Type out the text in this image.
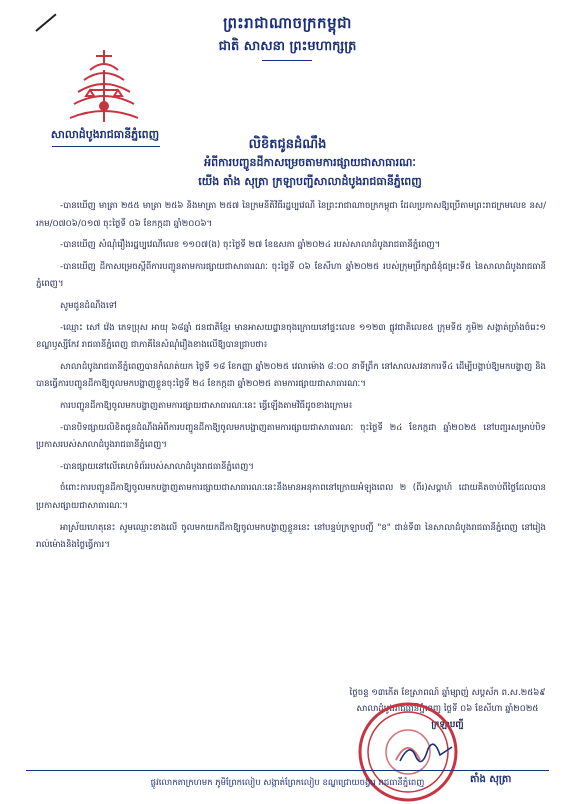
ព្រះរាជាណាចក្រកម្ពុជា
ជាតិ សាសនា ព្រះមហាក្សត្រ
សាលាដំបូងរាជធានីភ្នំពេញ
លិខិតជូនដំណឹង
អំពីការបញ្ចូនដីកាសម្រេចតាមការផ្សាយជាសាធារណៈ
យើង តាំង សុត្រា ក្រឡាបញ្ជីសាលាដំបូងរាជធានីភ្នំពេញ

-បានឃើញ មាត្រា ២៥៥ មាត្រា ២៥៦ និងមាត្រា ២៥៧ នៃក្រមនីតិវិធីរដ្ឋប្បវេណី នៃព្រះរាជាណាចក្រកម្ពុជា ដែលប្រកាសឱ្យប្រើតាមព្រះរាជក្រមលេខ នស/រកម/០៧០៦/០១៧ ចុះថ្ងៃទី ០៦ ខែកក្កដា ឆ្នាំ២០០៦។

-បានឃើញ សំណុំរឿងរដ្ឋប្បវេណីលេខ ១១០៧(ង) ចុះថ្ងៃទី ២៧ ខែឧសភា ឆ្នាំ២០២៤ របស់សាលាដំបូងរាជធានីភ្នំពេញ។

-បានឃើញ ដីកាសម្រេចស្តីពីការបញ្ជូនតាមការផ្សាយជាសាធារណៈ ចុះថ្ងៃទី ០៦ ខែសីហា ឆ្នាំ២០២៥ របស់ក្រុមប្រឹក្សាជំនុំជម្រះទី៥ នៃសាលាដំបូងរាជធានីភ្នំពេញ។

សូមជូនដំណឹងទៅ

-ឈ្មោះ សៅ វ៉េង ភេទប្រុស អាយុ ៦៨ឆ្នាំ ជនជាតិខ្មែរ មានអាសយដ្ឋានចុងក្រោយនៅផ្ទះលេខ ១១២៣ ផ្លូវជាតិលេខ៥ ក្រុមទី៥ ភូមិ២ សង្កាត់ច្រាំងចំរេះ១ ខណ្ឌឫស្សីកែវ រាជធានីភ្នំពេញ ជាភាគីនៃសំណុំរឿងខាងលើឱ្យបានជ្រាបថា៖

សាលាដំបូងរាជធានីភ្នំពេញបានកំណត់យក ថ្ងៃទី ១៨ ខែកញ្ញា ឆ្នាំ២០២៥ វេលាម៉ោង ៨:០០ នាទីព្រឹក នៅសាលសវនាការទី៤ ដើម្បីបង្គាប់ឱ្យមកបង្ហាញ និងបានធ្វើការបញ្ជូនដីកាឱ្យចូលមកបង្ហាញខ្លួនចុះថ្ងៃទី ២៤ ខែកក្កដា ឆ្នាំ២០២៥ តាមការផ្សាយជាសាធារណៈ។

ការបញ្ជូនដីកាឱ្យចូលមកបង្ហាញតាមការផ្សាយជាសាធារណៈនេះ ធ្វើឡើងតាមវិធីដូចខាងក្រោម៖

-បានបិទផ្សាយលិខិតជូនដំណឹងអំពីការបញ្ជូនដីកាឱ្យចូលមកបង្ហាញតាមការផ្សាយជាសាធារណៈ ចុះថ្ងៃទី ២៤ ខែកក្កដា ឆ្នាំ២០២៥ នៅបញ្ជរសម្រាប់បិទប្រកាសរបស់សាលាដំបូងរាជធានីភ្នំពេញ។

-បានផ្សាយនៅលើគេហទំព័ររបស់សាលាដំបូងរាជធានីភ្នំពេញ។

ចំពោះការបញ្ជូនដីកាឱ្យចូលមកបង្ហាញតាមការផ្សាយជាសាធារណៈនេះនឹងមានអនុភាពនៅក្រោយអំឡុងពេល ២ (ពីរ)សប្តាហ៍ ដោយគិតចាប់ពីថ្ងៃដែលបានប្រកាសផ្សាយជាសាធារណៈ។

អាស្រ័យហេតុនេះ សូមឈ្មោះខាងលើ ចូលមកយកដីកាឱ្យចូលមកបង្ហាញខ្លួននេះ នៅបន្ទប់ក្រឡាបញ្ជី "ខ" ជាន់ទី៣ នៃសាលាដំបូងរាជធានីភ្នំពេញ នៅរៀងរាល់ម៉ោងនិងថ្ងៃធ្វើការ។

ថ្ងៃចន្ទ ១៣កើត ខែស្រាពណ៍ ឆ្នាំម្សាញ់ សប្តស័ក ព.ស.២៥៦៩
សាលាដំបូងរាជធានីភ្នំពេញ ថ្ងៃទី ០៦ ខែសីហា ឆ្នាំ២០២៥
ក្រឡាបញ្ជី
តាំង សុត្រា
ផ្លូវលោកតាក្រហមក ភូមិព្រែកលៀប សង្កាត់ព្រែកលៀប ខណ្ឌជ្រោយចង្វារ រាជធានីភ្នំពេញ
